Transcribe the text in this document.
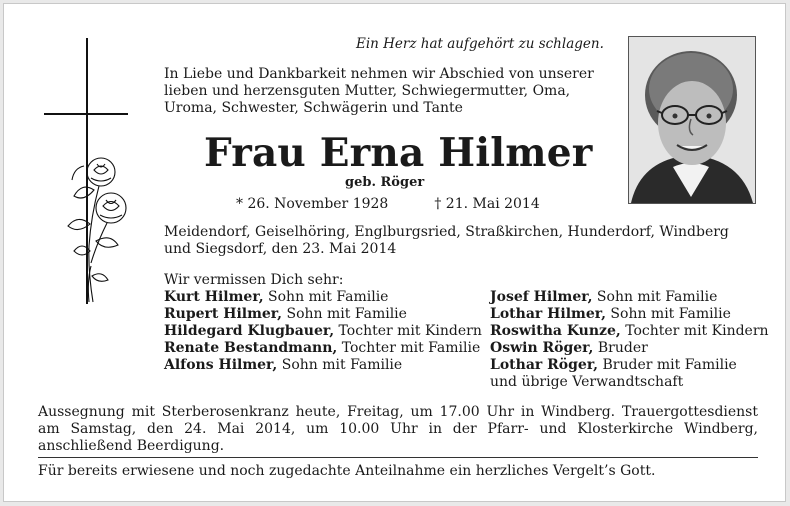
Ein Herz hat aufgehört zu schlagen.
In Liebe und Dankbarkeit nehmen wir Abschied von unserer lieben und herzensguten Mutter, Schwiegermutter, Oma, Uroma, Schwester, Schwägerin und Tante
Frau Erna Hilmer
geb. Röger
* 26. November 1928	† 21. Mai 2014
Meidendorf, Geiselhöring, Englburgsried, Straßkirchen, Hunderdorf, Windberg und Siegsdorf, den 23. Mai 2014
Wir vermissen Dich sehr:
Kurt Hilmer, Sohn mit Familie
Rupert Hilmer, Sohn mit Familie
Hildegard Klugbauer, Tochter mit Kindern
Renate Bestandmann, Tochter mit Familie
Alfons Hilmer, Sohn mit Familie
Josef Hilmer, Sohn mit Familie
Lothar Hilmer, Sohn mit Familie
Roswitha Kunze, Tochter mit Kindern
Oswin Röger, Bruder
Lothar Röger, Bruder mit Familie
und übrige Verwandtschaft
Aussegnung mit Sterberosenkranz heute, Freitag, um 17.00 Uhr in Windberg. Trauergottesdienst am Samstag, den 24. Mai 2014, um 10.00 Uhr in der Pfarr- und Klosterkirche Windberg, anschließend Beerdigung.
Für bereits erwiesene und noch zugedachte Anteilnahme ein herzliches Vergelt’s Gott.
